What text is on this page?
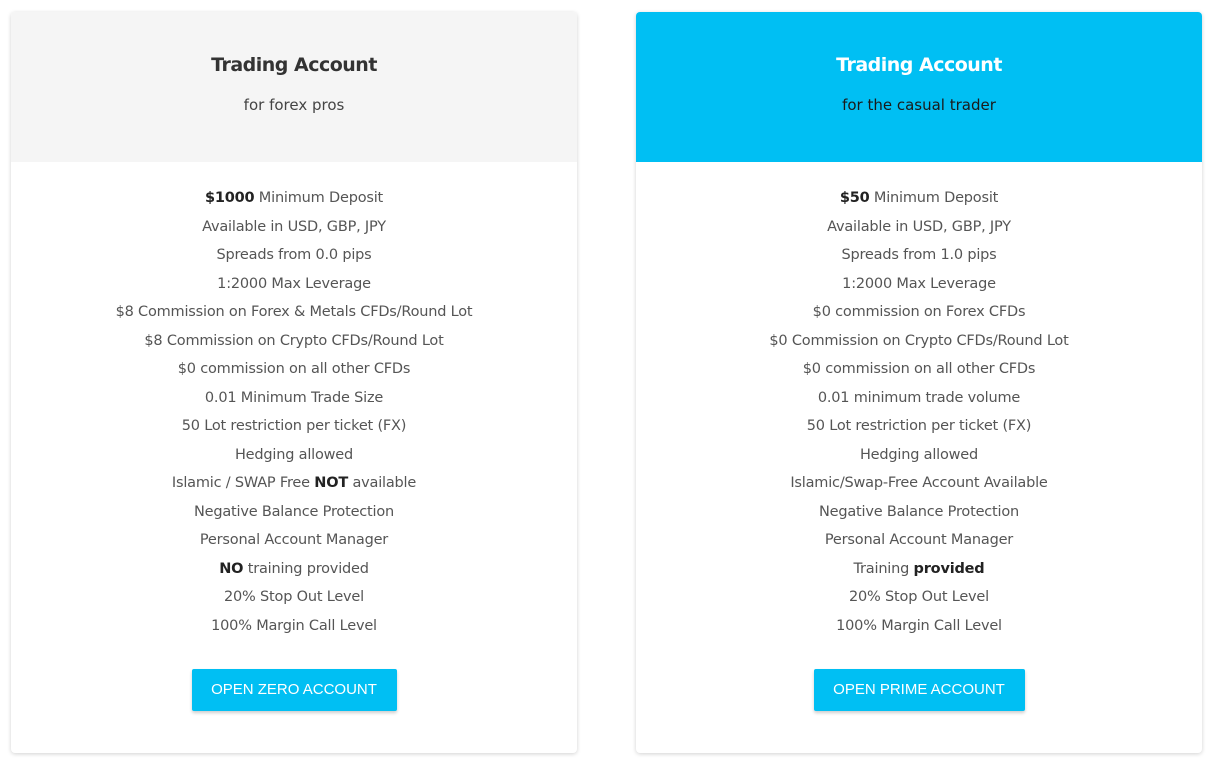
Trading Account
for forex pros
$1000 Minimum Deposit
Available in USD, GBP, JPY
Spreads from 0.0 pips
1:2000 Max Leverage
$8 Commission on Forex & Metals CFDs/Round Lot
$8 Commission on Crypto CFDs/Round Lot
$0 commission on all other CFDs
0.01 Minimum Trade Size
50 Lot restriction per ticket (FX)
Hedging allowed
Islamic / SWAP Free NOT available
Negative Balance Protection
Personal Account Manager
NO training provided
20% Stop Out Level
100% Margin Call Level
OPEN ZERO ACCOUNT
Trading Account
for the casual trader
$50 Minimum Deposit
Available in USD, GBP, JPY
Spreads from 1.0 pips
1:2000 Max Leverage
$0 commission on Forex CFDs
$0 Commission on Crypto CFDs/Round Lot
$0 commission on all other CFDs
0.01 minimum trade volume
50 Lot restriction per ticket (FX)
Hedging allowed
Islamic/Swap-Free Account Available
Negative Balance Protection
Personal Account Manager
Training provided
20% Stop Out Level
100% Margin Call Level
OPEN PRIME ACCOUNT
